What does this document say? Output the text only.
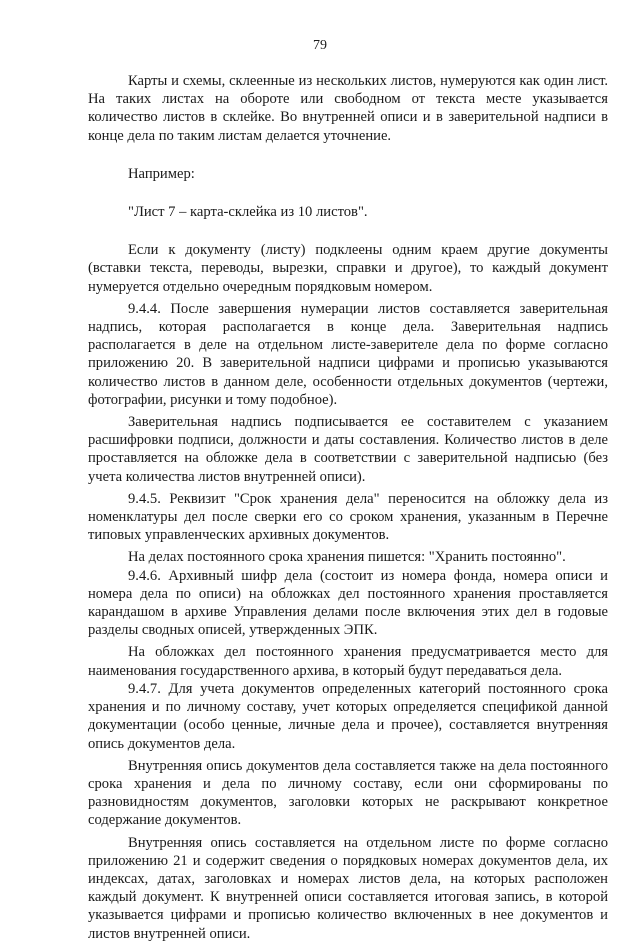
79

Карты и схемы, склеенные из нескольких листов, нумеруются как один лист. На таких листах на обороте или свободном от текста месте указывается количество листов в склейке. Во внутренней описи и в заверительной надписи в конце дела по таким листам делается уточнение.

Например:

"Лист 7 – карта-склейка из 10 листов".

Если к документу (листу) подклеены одним краем другие документы (вставки текста, переводы, вырезки, справки и другое), то каждый документ нумеруется отдельно очередным порядковым номером.

9.4.4. После завершения нумерации листов составляется заверительная надпись, которая располагается в конце дела. Заверительная надпись располагается в деле на отдельном листе-заверителе дела по форме согласно приложению 20. В заверительной надписи цифрами и прописью указываются количество листов в данном деле, особенности отдельных документов (чертежи, фотографии, рисунки и тому подобное).

Заверительная надпись подписывается ее составителем с указанием расшифровки подписи, должности и даты составления. Количество листов в деле проставляется на обложке дела в соответствии с заверительной надписью (без учета количества листов внутренней описи).

9.4.5. Реквизит "Срок хранения дела" переносится на обложку дела из номенклатуры дел после сверки его со сроком хранения, указанным в Перечне типовых управленческих архивных документов.

На делах постоянного срока хранения пишется: "Хранить постоянно".

9.4.6. Архивный шифр дела (состоит из номера фонда, номера описи и номера дела по описи) на обложках дел постоянного хранения проставляется карандашом в архиве Управления делами после включения этих дел в годовые разделы сводных описей, утвержденных ЭПК.

На обложках дел постоянного хранения предусматривается место для наименования государственного архива, в который будут передаваться дела.

9.4.7. Для учета документов определенных категорий постоянного срока хранения и по личному составу, учет которых определяется спецификой данной документации (особо ценные, личные дела и прочее), составляется внутренняя опись документов дела.

Внутренняя опись документов дела составляется также на дела постоянного срока хранения и дела по личному составу, если они сформированы по разновидностям документов, заголовки которых не раскрывают конкретное содержание документов.

Внутренняя опись составляется на отдельном листе по форме согласно приложению 21 и содержит сведения о порядковых номерах документов дела, их индексах, датах, заголовках и номерах листов дела, на которых расположен каждый документ. К внутренней описи составляется итоговая запись, в которой указывается цифрами и прописью количество включенных в нее документов и листов внутренней описи.
